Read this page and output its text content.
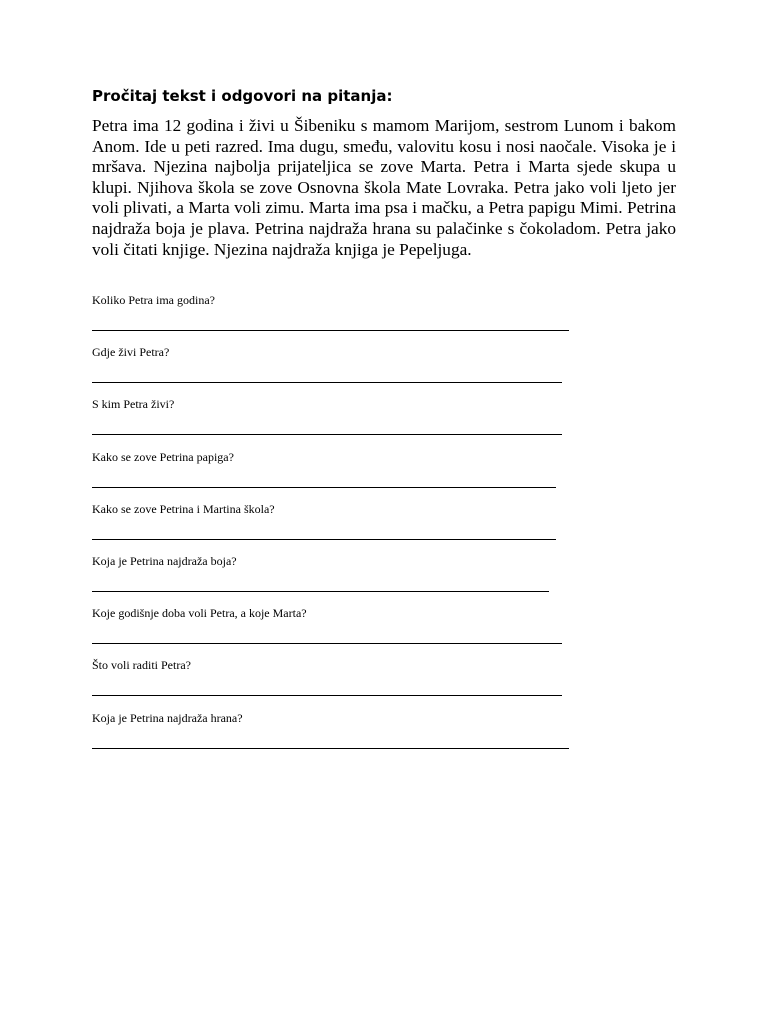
Pročitaj tekst i odgovori na pitanja:

Petra ima 12 godina i živi u Šibeniku s mamom Marijom, sestrom Lunom i bakom Anom. Ide u peti razred. Ima dugu, smeđu, valovitu kosu i nosi naočale. Visoka je i mršava. Njezina najbolja prijateljica se zove Marta. Petra i Marta sjede skupa u klupi. Njihova škola se zove Osnovna škola Mate Lovraka. Petra jako voli ljeto jer voli plivati, a Marta voli zimu. Marta ima psa i mačku, a Petra papigu Mimi. Petrina najdraža boja je plava. Petrina najdraža hrana su palačinke s čokoladom. Petra jako voli čitati knjige. Njezina najdraža knjiga je Pepeljuga.

Koliko Petra ima godina?
Gdje živi Petra?
S kim Petra živi?
Kako se zove Petrina papiga?
Kako se zove Petrina i Martina škola?
Koja je Petrina najdraža boja?
Koje godišnje doba voli Petra, a koje Marta?
Što voli raditi Petra?
Koja je Petrina najdraža hrana?
